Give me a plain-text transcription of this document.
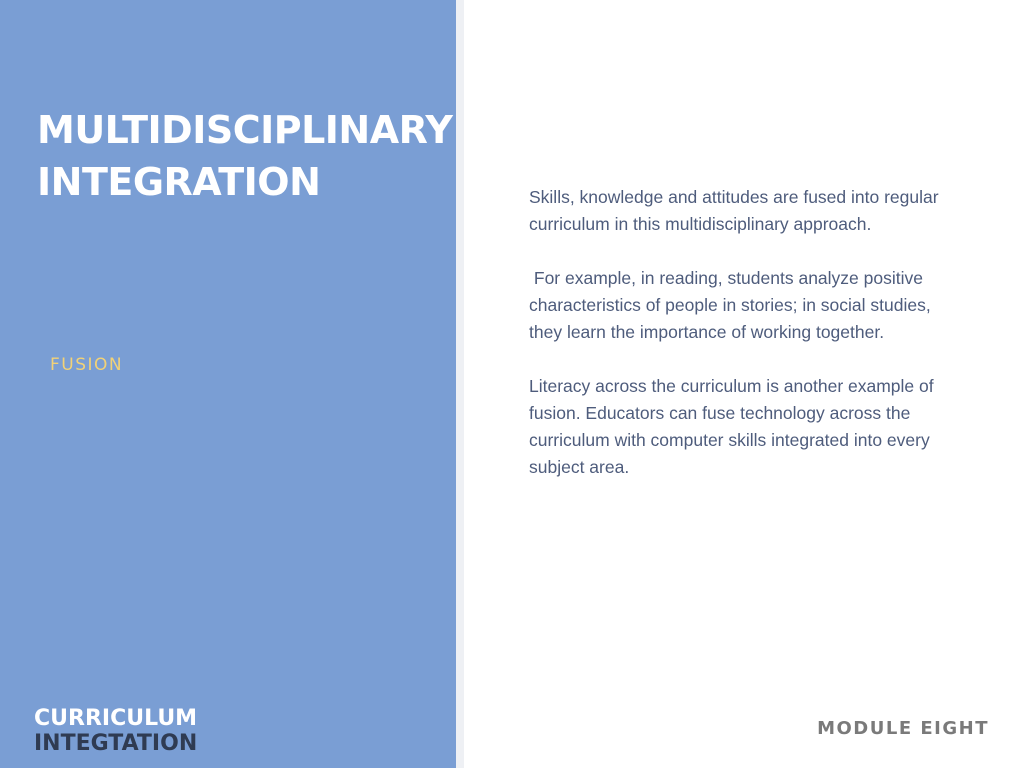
MULTIDISCIPLINARY
INTEGRATION
FUSION
CURRICULUM
INTEGTATION

Skills, knowledge and attitudes are fused into regular curriculum in this multidisciplinary approach.

For example, in reading, students analyze positive characteristics of people in stories; in social studies, they learn the importance of working together.

Literacy across the curriculum is another example of fusion. Educators can fuse technology across the curriculum with computer skills integrated into every subject area.

MODULE EIGHT
